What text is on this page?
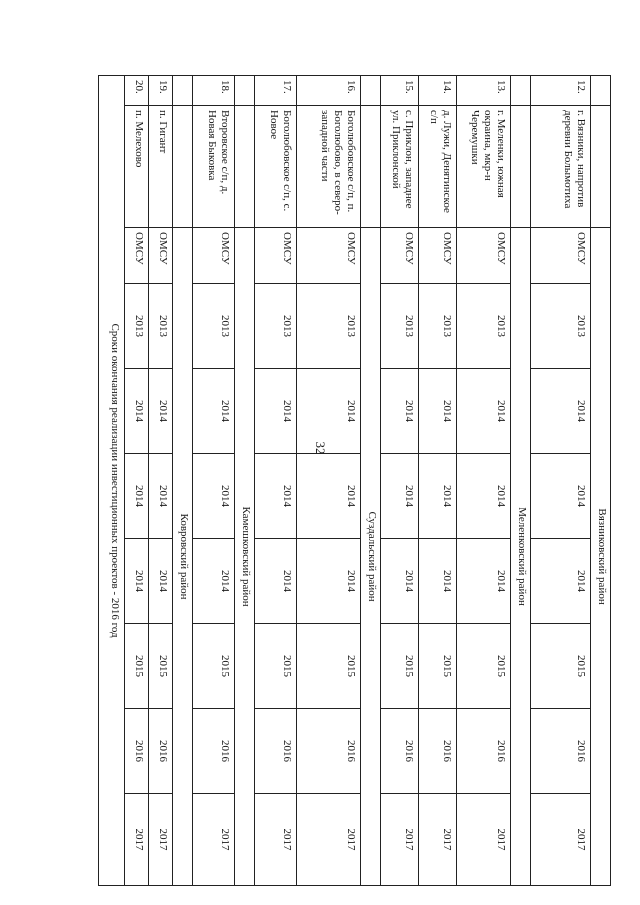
32
		Вязниковский район							
12.	г. Вязники, напротив деревни Болымотиха	ОМСУ	2013	2014	2014	2014	2015	2016	2017
		Меленковский район							
13.	г. Меленки, южная окраина, мкр-н Черемушки	ОМСУ	2013	2014	2014	2014	2015	2016	2017
14.	д. Лужи, Денятинское с/п	ОМСУ	2013	2014	2014	2014	2015	2016	2017
15.	с. Приклон, западнее ул. Приклонской	ОМСУ	2013	2014	2014	2014	2015	2016	2017
		Суздальский район							
16.	Боголюбовское с/п, п. Боголюбово, в северо-западной части	ОМСУ	2013	2014	2014	2014	2015	2016	2017
17.	Боголюбовское с/п, с. Новое	ОМСУ	2013	2014	2014	2014	2015	2016	2017
		Камешковский район							
18.	Второвское с/п, д. Новая Быковка	ОМСУ	2013	2014	2014	2014	2015	2016	2017
		Ковровский район							
19.	п. Гигант	ОМСУ	2013	2014	2014	2014	2015	2016	2017
20.	п. Мелехово	ОМСУ	2013	2014	2014	2014	2015	2016	2017
Сроки окончания реализации инвестиционных проектов - 2016 год									
